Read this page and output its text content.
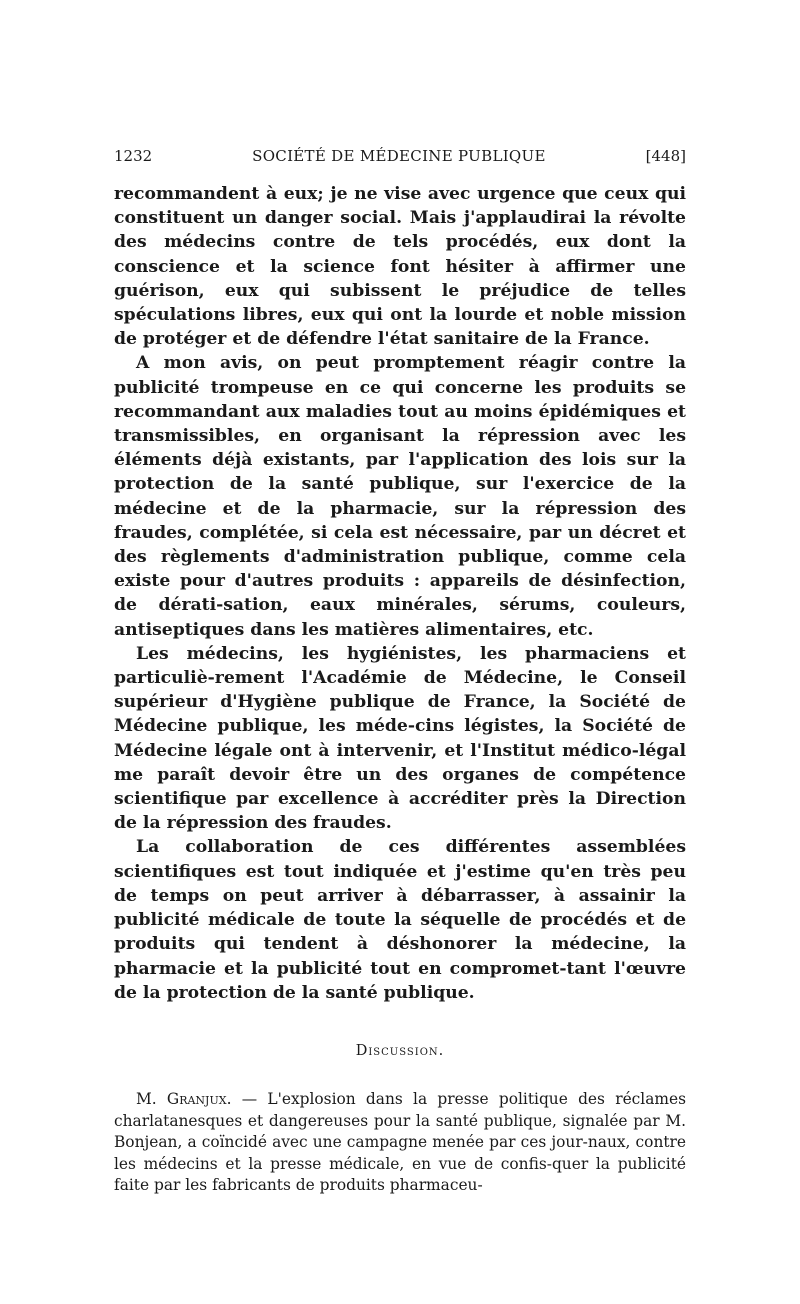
1232	SOCIÉTÉ DE MÉDECINE PUBLIQUE	[448]

recommandent à eux; je ne vise avec urgence que ceux qui constituent un danger social. Mais j'applaudirai la révolte des médecins contre de tels procédés, eux dont la conscience et la science font hésiter à affirmer une guérison, eux qui subissent le préjudice de telles spéculations libres, eux qui ont la lourde et noble mission de protéger et de défendre l'état sanitaire de la France.

A mon avis, on peut promptement réagir contre la publicité trompeuse en ce qui concerne les produits se recommandant aux maladies tout au moins épidémiques et transmissibles, en organisant la répression avec les éléments déjà existants, par l'application des lois sur la protection de la santé publique, sur l'exercice de la médecine et de la pharmacie, sur la répression des fraudes, complétée, si cela est nécessaire, par un décret et des règlements d'administration publique, comme cela existe pour d'autres produits : appareils de désinfection, de dérati-sation, eaux minérales, sérums, couleurs, antiseptiques dans les matières alimentaires, etc.

Les médecins, les hygiénistes, les pharmaciens et particuliè-rement l'Académie de Médecine, le Conseil supérieur d'Hygiène publique de France, la Société de Médecine publique, les méde-cins légistes, la Société de Médecine légale ont à intervenir, et l'Institut médico-légal me paraît devoir être un des organes de compétence scientifique par excellence à accréditer près la Direction de la répression des fraudes.

La collaboration de ces différentes assemblées scientifiques est tout indiquée et j'estime qu'en très peu de temps on peut arriver à débarrasser, à assainir la publicité médicale de toute la séquelle de procédés et de produits qui tendent à déshonorer la médecine, la pharmacie et la publicité tout en compromet-tant l'œuvre de la protection de la santé publique.

Discussion.

M. Granjux. — L'explosion dans la presse politique des réclames charlatanesques et dangereuses pour la santé publique, signalée par M. Bonjean, a coïncidé avec une campagne menée par ces jour-naux, contre les médecins et la presse médicale, en vue de confis-quer la publicité faite par les fabricants de produits pharmaceu-
